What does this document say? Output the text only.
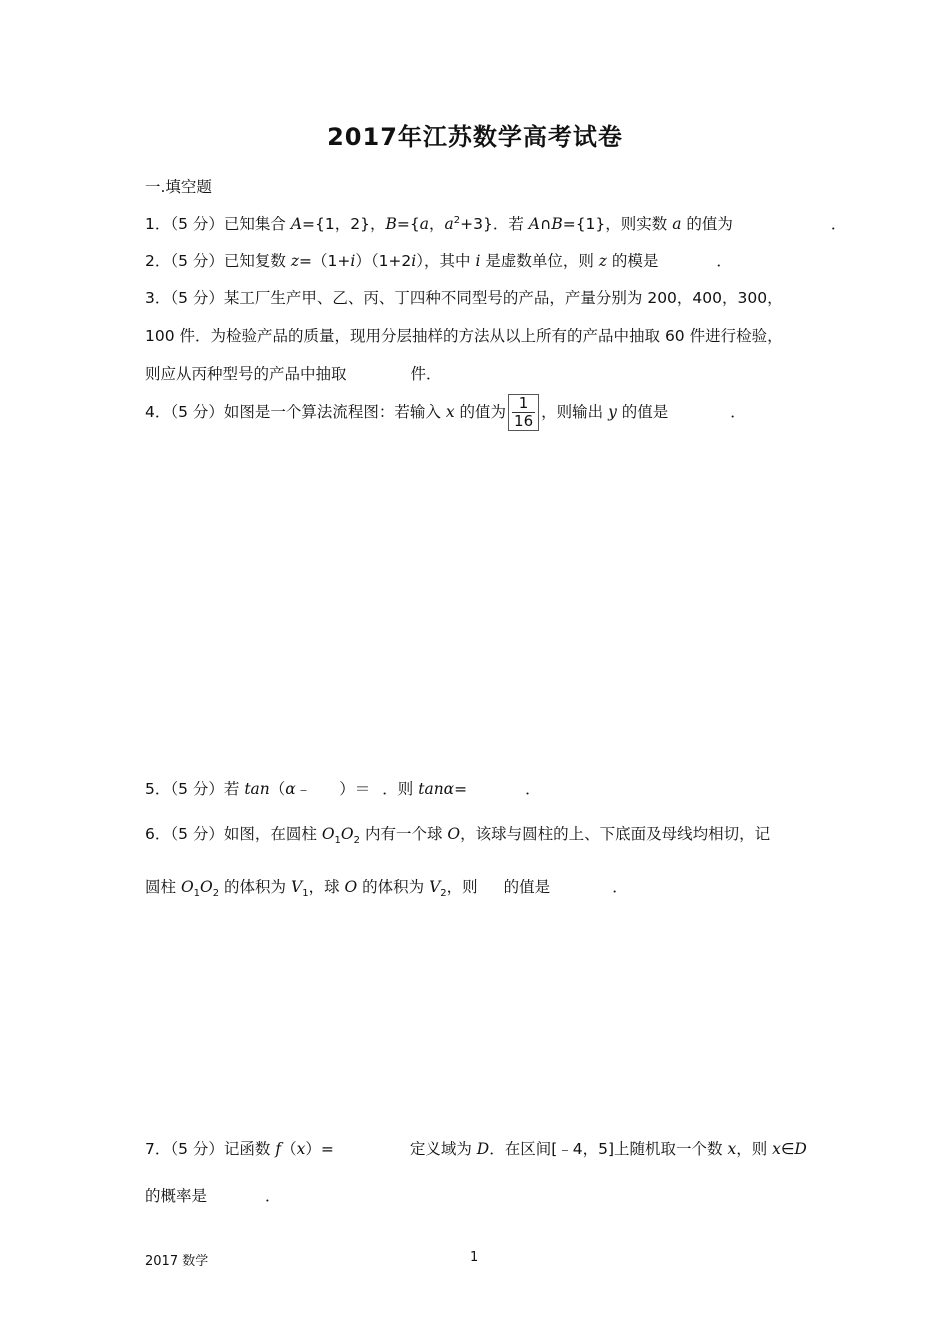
2017年江苏数学高考试卷
一.填空题
1．（5 分）已知集合 A={1，2}，B={a，$a^2+3$}．若 A∩B={1}，则实数 a 的值为	．
2．（5 分）已知复数 z=（1+i）（1+2i），其中 i 是虚数单位，则 z 的模是	．
3．（5 分）某工厂生产甲、乙、丙、丁四种不同型号的产品，产量分别为 200，400，300，
100 件．为检验产品的质量，现用分层抽样的方法从以上所有的产品中抽取 60 件进行检验，
则应从丙种型号的产品中抽取	件．
4．（5 分）如图是一个算法流程图：若输入 x 的值为 $\frac{1}{16}$ ，则输出 y 的值是	．
5．（5 分）若 tan（α﹣ ）＝ ．则 tanα=	．
6．（5 分）如图，在圆柱 $O_1O_2$ 内有一个球 O，该球与圆柱的上、下底面及母线均相切，记
圆柱 $O_1O_2$ 的体积为 $V_1$，球 O 的体积为 $V_2$，则 的值是	．
7．（5 分）记函数 f（x）=	定义域为 D．在区间[﹣4，5]上随机取一个数 x，则 x∈D
的概率是	．
2017 数学	1
